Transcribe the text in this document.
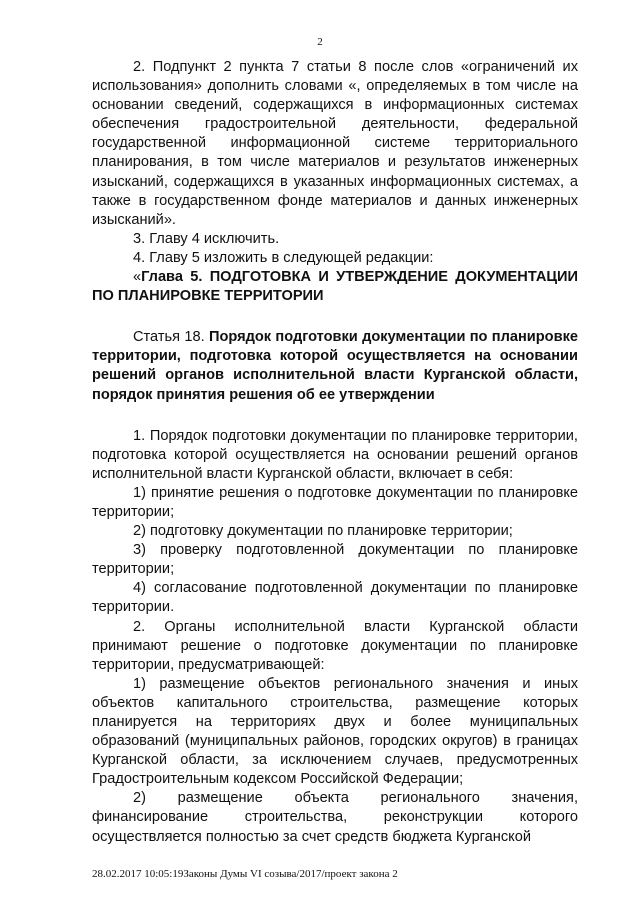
2

2. Подпункт 2 пункта 7 статьи 8 после слов «ограничений их использования» дополнить словами «, определяемых в том числе на основании сведений, содержащихся в информационных системах обеспечения градостроительной деятельности, федеральной государственной информационной системе территориального планирования, в том числе материалов и результатов инженерных изысканий, содержащихся в указанных информационных системах, а также в государственном фонде материалов и данных инженерных изысканий».

3. Главу 4 исключить.

4. Главу 5 изложить в следующей редакции:

«Глава 5. ПОДГОТОВКА И УТВЕРЖДЕНИЕ ДОКУМЕНТАЦИИ ПО ПЛАНИРОВКЕ ТЕРРИТОРИИ

Статья 18. Порядок подготовки документации по планировке территории, подготовка которой осуществляется на основании решений органов исполнительной власти Курганской области, порядок принятия решения об ее утверждении

1. Порядок подготовки документации по планировке территории, подготовка которой осуществляется на основании решений органов исполнительной власти Курганской области, включает в себя:

1) принятие решения о подготовке документации по планировке территории;

2) подготовку документации по планировке территории;

3) проверку подготовленной документации по планировке территории;

4) согласование подготовленной документации по планировке территории.

2. Органы исполнительной власти Курганской области принимают решение о подготовке документации по планировке территории, предусматривающей:

1) размещение объектов регионального значения и иных объектов капитального строительства, размещение которых планируется на территориях двух и более муниципальных образований (муниципальных районов, городских округов) в границах Курганской области, за исключением случаев, предусмотренных Градостроительным кодексом Российской Федерации;

2) размещение объекта регионального значения, финансирование строительства, реконструкции которого осуществляется полностью за счет средств бюджета Курганской

28.02.2017 10:05:19Законы Думы VI созыва/2017/проект закона 2
